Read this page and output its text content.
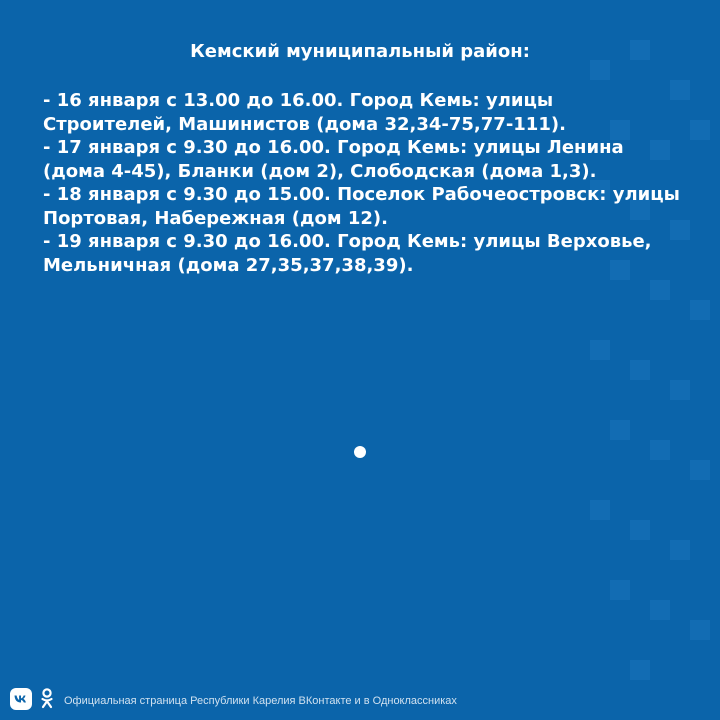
Кемский муниципальный район:

- 16 января с 13.00 до 16.00. Город Кемь: улицы Строителей, Машинистов (дома 32,34-75,77-111).

- 17 января с 9.30 до 16.00. Город Кемь: улицы Ленина (дома 4-45), Бланки (дом 2), Слободская (дома 1,3).

- 18 января с 9.30 до 15.00. Поселок Рабочеостровск: улицы Портовая, Набережная (дом 12).

- 19 января с 9.30 до 16.00. Город Кемь: улицы Верховье, Мельничная (дома 27,35,37,38,39).

Официальная страница Республики Карелия ВКонтакте и в Одноклассниках
